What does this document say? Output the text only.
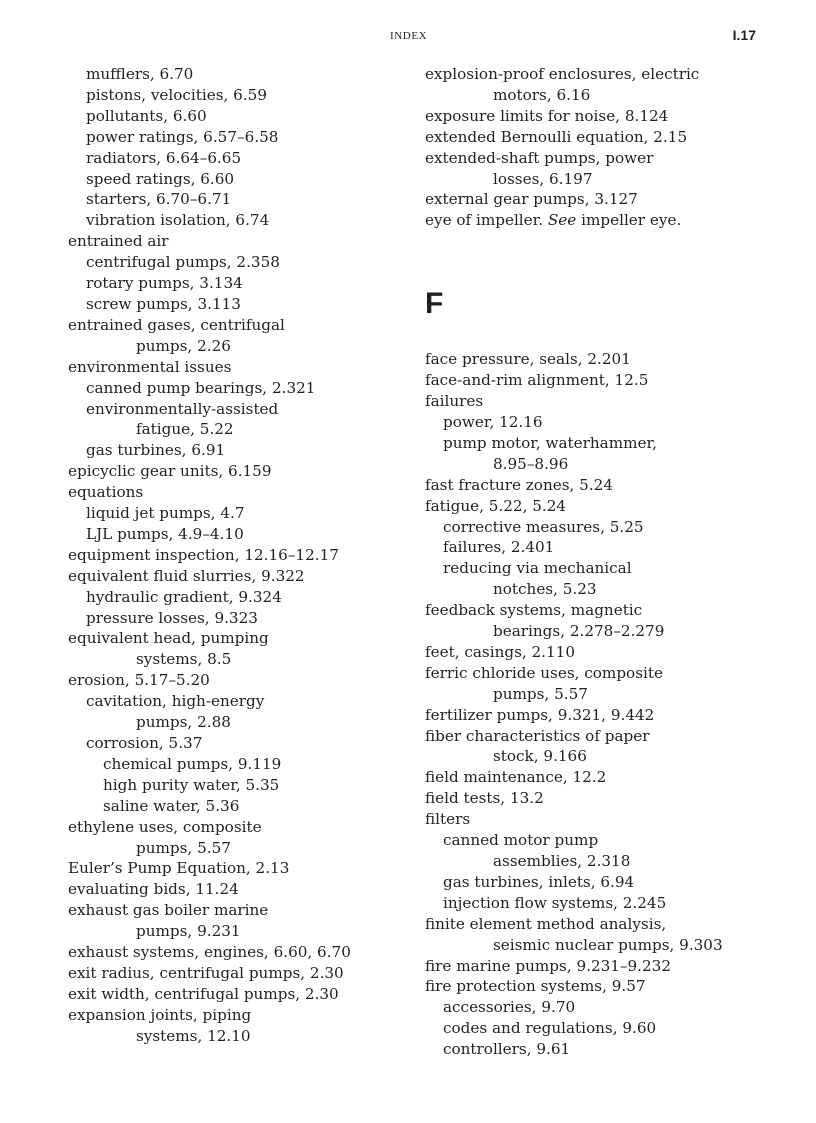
INDEX	I.17
mufflers, 6.70
pistons, velocities, 6.59
pollutants, 6.60
power ratings, 6.57–6.58
radiators, 6.64–6.65
speed ratings, 6.60
starters, 6.70–6.71
vibration isolation, 6.74
entrained air
centrifugal pumps, 2.358
rotary pumps, 3.134
screw pumps, 3.113
entrained gases, centrifugal
pumps, 2.26
environmental issues
canned pump bearings, 2.321
environmentally-assisted
fatigue, 5.22
gas turbines, 6.91
epicyclic gear units, 6.159
equations
liquid jet pumps, 4.7
LJL pumps, 4.9–4.10
equipment inspection, 12.16–12.17
equivalent fluid slurries, 9.322
hydraulic gradient, 9.324
pressure losses, 9.323
equivalent head, pumping
systems, 8.5
erosion, 5.17–5.20
cavitation, high-energy
pumps, 2.88
corrosion, 5.37
chemical pumps, 9.119
high purity water, 5.35
saline water, 5.36
ethylene uses, composite
pumps, 5.57
Euler’s Pump Equation, 2.13
evaluating bids, 11.24
exhaust gas boiler marine
pumps, 9.231
exhaust systems, engines, 6.60, 6.70
exit radius, centrifugal pumps, 2.30
exit width, centrifugal pumps, 2.30
expansion joints, piping
systems, 12.10
explosion-proof enclosures, electric
motors, 6.16
exposure limits for noise, 8.124
extended Bernoulli equation, 2.15
extended-shaft pumps, power
losses, 6.197
external gear pumps, 3.127
eye of impeller. See impeller eye.
F
face pressure, seals, 2.201
face-and-rim alignment, 12.5
failures
power, 12.16
pump motor, waterhammer,
8.95–8.96
fast fracture zones, 5.24
fatigue, 5.22, 5.24
corrective measures, 5.25
failures, 2.401
reducing via mechanical
notches, 5.23
feedback systems, magnetic
bearings, 2.278–2.279
feet, casings, 2.110
ferric chloride uses, composite
pumps, 5.57
fertilizer pumps, 9.321, 9.442
fiber characteristics of paper
stock, 9.166
field maintenance, 12.2
field tests, 13.2
filters
canned motor pump
assemblies, 2.318
gas turbines, inlets, 6.94
injection flow systems, 2.245
finite element method analysis,
seismic nuclear pumps, 9.303
fire marine pumps, 9.231–9.232
fire protection systems, 9.57
accessories, 9.70
codes and regulations, 9.60
controllers, 9.61
